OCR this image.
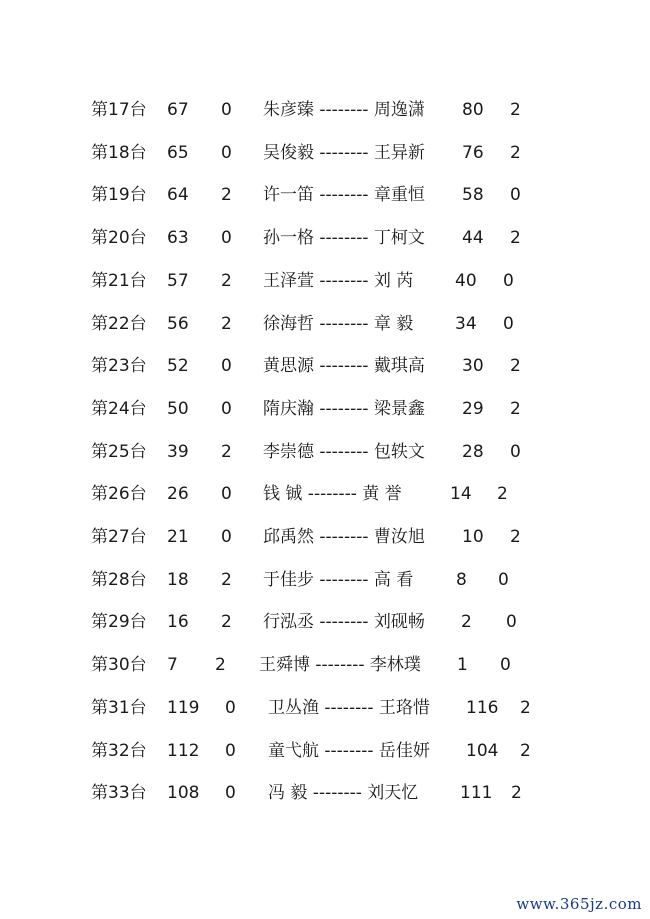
第17台 67 0 朱彦臻 -------- 周逸潇 80 2
第18台 65 0 吴俊毅 -------- 王异新 76 2
第19台 64 2 许一笛 -------- 章重恒 58 0
第20台 63 0 孙一格 -------- 丁柯文 44 2
第21台 57 2 王泽萱 -------- 刘 芮 40 0
第22台 56 2 徐海哲 -------- 章 毅 34 0
第23台 52 0 黄思源 -------- 戴琪高 30 2
第24台 50 0 隋庆瀚 -------- 梁景鑫 29 2
第25台 39 2 李崇德 -------- 包轶文 28 0
第26台 26 0 钱 铖 -------- 黄 誉	14 2
第27台 21 0 邱禹然 -------- 曹汝旭 10 2
第28台 18 2 于佳步 -------- 高 看	8 0
第29台 16 2 行泓丞 -------- 刘砚畅 2 0
第30台 7 2 王舜博 -------- 李林璞 1 0
第31台 119 0 卫丛渔 -------- 王珞惜 116 2
第32台 112 0 童弋航 -------- 岳佳妍 104 2
第33台 108 0 冯 毅 -------- 刘天忆 111 2
www.365jz.com
